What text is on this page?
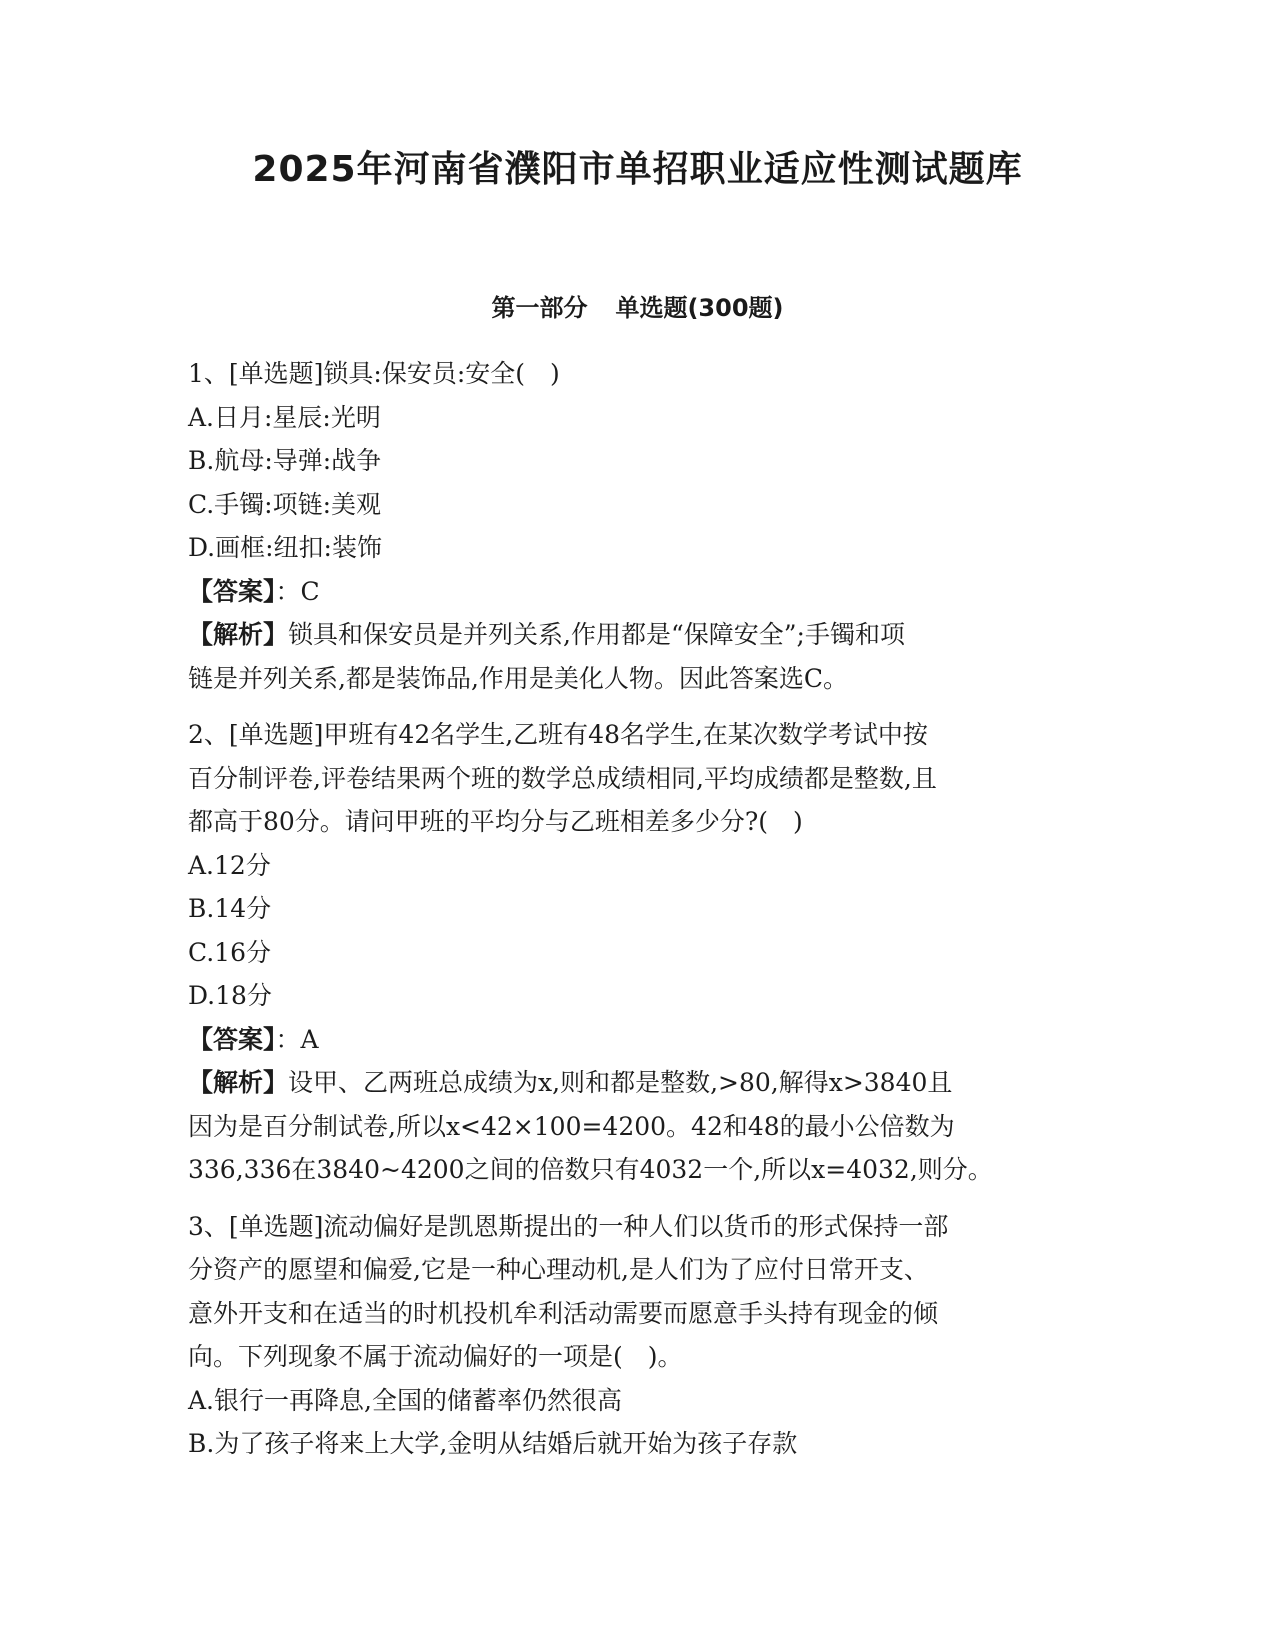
2025年河南省濮阳市单招职业适应性测试题库
第一部分 单选题(300题)
1、[单选题]锁具:保安员:安全(　)
A.日月:星辰:光明
B.航母:导弹:战争
C.手镯:项链:美观
D.画框:纽扣:装饰
【答案】：C
【解析】锁具和保安员是并列关系,作用都是“保障安全”;手镯和项
链是并列关系,都是装饰品,作用是美化人物。因此答案选C。
2、[单选题]甲班有42名学生,乙班有48名学生,在某次数学考试中按
百分制评卷,评卷结果两个班的数学总成绩相同,平均成绩都是整数,且
都高于80分。请问甲班的平均分与乙班相差多少分?(　)
A.12分
B.14分
C.16分
D.18分
【答案】：A
【解析】设甲、乙两班总成绩为x,则和都是整数,>80,解得x>3840且
因为是百分制试卷,所以x<42×100=4200。42和48的最小公倍数为
336,336在3840~4200之间的倍数只有4032一个,所以x=4032,则分。
3、[单选题]流动偏好是凯恩斯提出的一种人们以货币的形式保持一部
分资产的愿望和偏爱,它是一种心理动机,是人们为了应付日常开支、
意外开支和在适当的时机投机牟利活动需要而愿意手头持有现金的倾
向。下列现象不属于流动偏好的一项是(　)。
A.银行一再降息,全国的储蓄率仍然很高
B.为了孩子将来上大学,金明从结婚后就开始为孩子存款
